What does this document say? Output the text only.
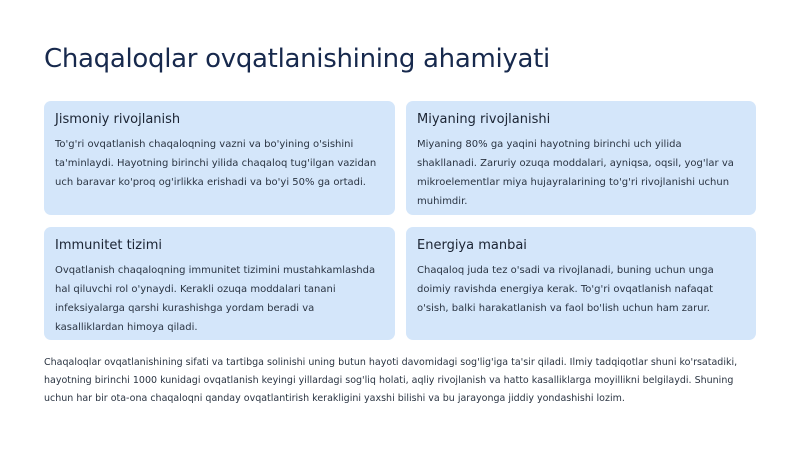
Chaqaloqlar ovqatlanishining ahamiyati
Jismoniy rivojlanish

To'g'ri ovqatlanish chaqaloqning vazni va bo'yining o'sishini ta'minlaydi. Hayotning birinchi yilida chaqaloq tug'ilgan vazidan uch baravar ko'proq og'irlikka erishadi va bo'yi 50% ga ortadi.

Miyaning rivojlanishi

Miyaning 80% ga yaqini hayotning birinchi uch yilida shakllanadi. Zaruriy ozuqa moddalari, ayniqsa, oqsil, yog'lar va mikroelementlar miya hujayralarining to'g'ri rivojlanishi uchun muhimdir.

Immunitet tizimi

Ovqatlanish chaqaloqning immunitet tizimini mustahkamlashda hal qiluvchi rol o'ynaydi. Kerakli ozuqa moddalari tanani infeksiyalarga qarshi kurashishga yordam beradi va kasalliklardan himoya qiladi.

Energiya manbai

Chaqaloq juda tez o'sadi va rivojlanadi, buning uchun unga doimiy ravishda energiya kerak. To'g'ri ovqatlanish nafaqat o'sish, balki harakatlanish va faol bo'lish uchun ham zarur.

Chaqaloqlar ovqatlanishining sifati va tartibga solinishi uning butun hayoti davomidagi sog'lig'iga ta'sir qiladi. Ilmiy tadqiqotlar shuni ko'rsatadiki, hayotning birinchi 1000 kunidagi ovqatlanish keyingi yillardagi sog'liq holati, aqliy rivojlanish va hatto kasalliklarga moyillikni belgilaydi. Shuning uchun har bir ota-ona chaqaloqni qanday ovqatlantirish kerakligini yaxshi bilishi va bu jarayonga jiddiy yondashishi lozim.
